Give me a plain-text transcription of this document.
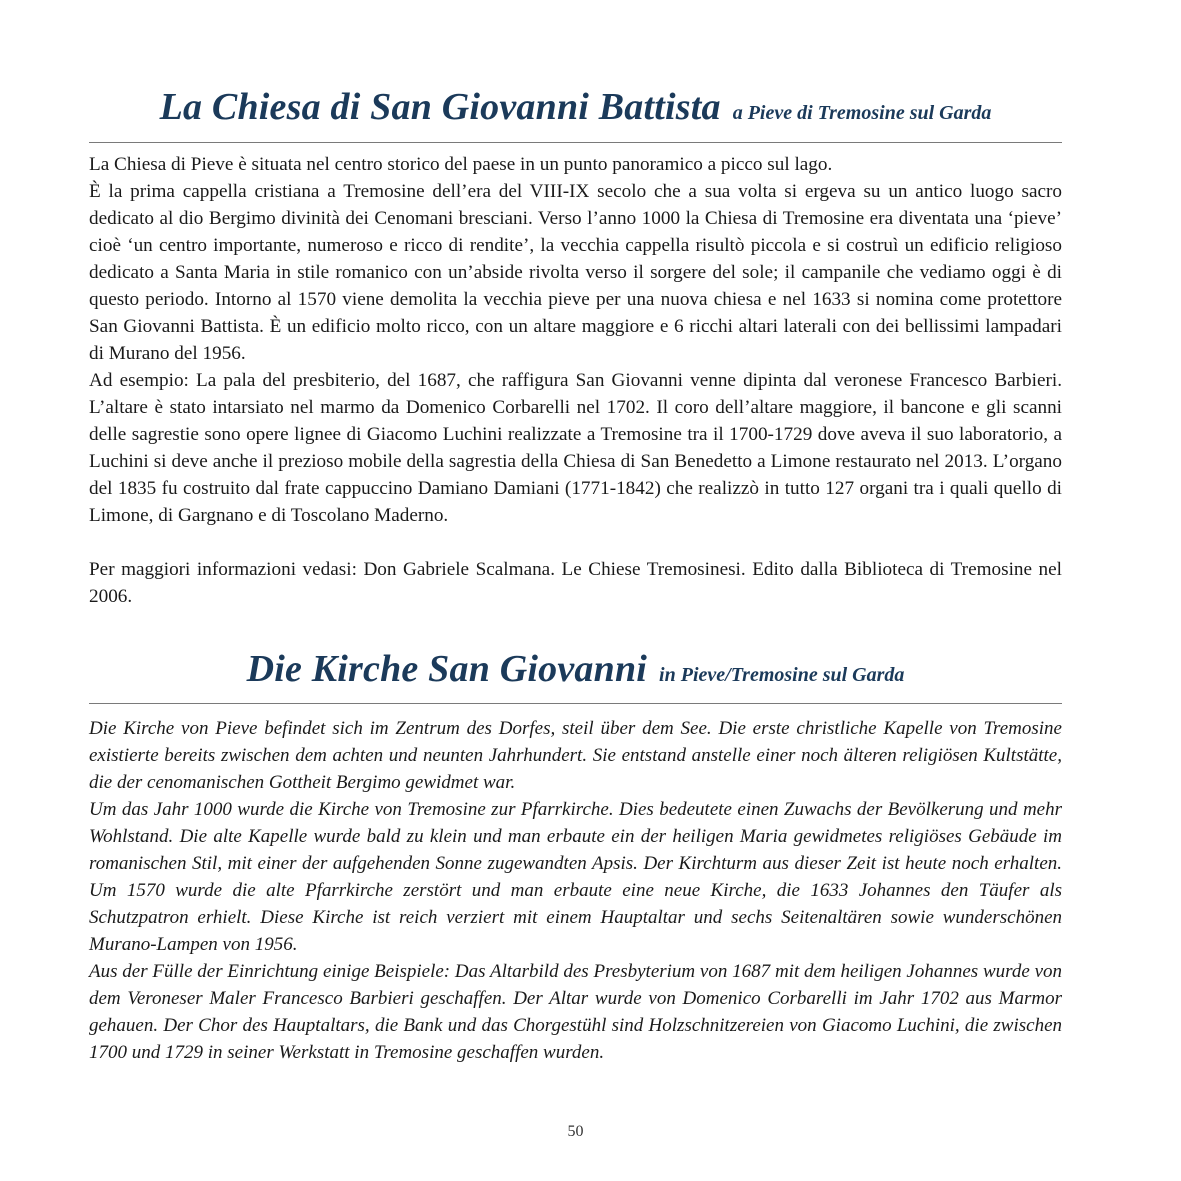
La Chiesa di San Giovanni Battista a Pieve di Tremosine sul Garda

La Chiesa di Pieve è situata nel centro storico del paese in un punto panoramico a picco sul lago.

È la prima cappella cristiana a Tremosine dell’era del VIII-IX secolo che a sua volta si ergeva su un antico luogo sacro dedicato al dio Bergimo divinità dei Cenomani bresciani. Verso l’anno 1000 la Chiesa di Tremosine era diventata una ‘pieve’ cioè ‘un centro importante, numeroso e ricco di rendite’, la vecchia cappella risultò piccola e si costruì un edificio religioso dedicato a Santa Maria in stile romanico con un’abside rivolta verso il sorgere del sole; il campanile che vediamo oggi è di questo periodo. Intorno al 1570 viene demolita la vecchia pieve per una nuova chiesa e nel 1633 si nomina come protettore San Giovanni Battista. È un edificio molto ricco, con un altare maggiore e 6 ricchi altari laterali con dei bellissimi lampadari di Murano del 1956.

Ad esempio: La pala del presbiterio, del 1687, che raffigura San Giovanni venne dipinta dal veronese Francesco Barbieri. L’altare è stato intarsiato nel marmo da Domenico Corbarelli nel 1702. Il coro dell’altare maggiore, il bancone e gli scanni delle sagrestie sono opere lignee di Giacomo Luchini realizzate a Tremosine tra il 1700-1729 dove aveva il suo laboratorio, a Luchini si deve anche il prezioso mobile della sagrestia della Chiesa di San Benedetto a Limone restaurato nel 2013. L’organo del 1835 fu costruito dal frate cappuccino Damiano Damiani (1771-1842) che realizzò in tutto 127 organi tra i quali quello di Limone, di Gargnano e di Toscolano Maderno.

Per maggiori informazioni vedasi: Don Gabriele Scalmana. Le Chiese Tremosinesi. Edito dalla Biblioteca di Tremosine nel 2006.

Die Kirche San Giovanni in Pieve/Tremosine sul Garda

Die Kirche von Pieve befindet sich im Zentrum des Dorfes, steil über dem See. Die erste christliche Kapelle von Tremosine existierte bereits zwischen dem achten und neunten Jahrhundert. Sie entstand anstelle einer noch älteren religiösen Kultstätte, die der cenomanischen Gottheit Bergimo gewidmet war.

Um das Jahr 1000 wurde die Kirche von Tremosine zur Pfarrkirche. Dies bedeutete einen Zuwachs der Bevölkerung und mehr Wohlstand. Die alte Kapelle wurde bald zu klein und man erbaute ein der heiligen Maria gewidmetes religiöses Gebäude im romanischen Stil, mit einer der aufgehenden Sonne zugewandten Apsis. Der Kirchturm aus dieser Zeit ist heute noch erhalten. Um 1570 wurde die alte Pfarrkirche zerstört und man erbaute eine neue Kirche, die 1633 Johannes den Täufer als Schutzpatron erhielt. Diese Kirche ist reich verziert mit einem Hauptaltar und sechs Seitenaltären sowie wunderschönen Murano-Lampen von 1956.

Aus der Fülle der Einrichtung einige Beispiele: Das Altarbild des Presbyterium von 1687 mit dem heiligen Johannes wurde von dem Veroneser Maler Francesco Barbieri geschaffen. Der Altar wurde von Domenico Corbarelli im Jahr 1702 aus Marmor gehauen. Der Chor des Hauptaltars, die Bank und das Chorgestühl sind Holzschnitzereien von Giacomo Luchini, die zwischen 1700 und 1729 in seiner Werkstatt in Tremosine geschaffen wurden.

50
